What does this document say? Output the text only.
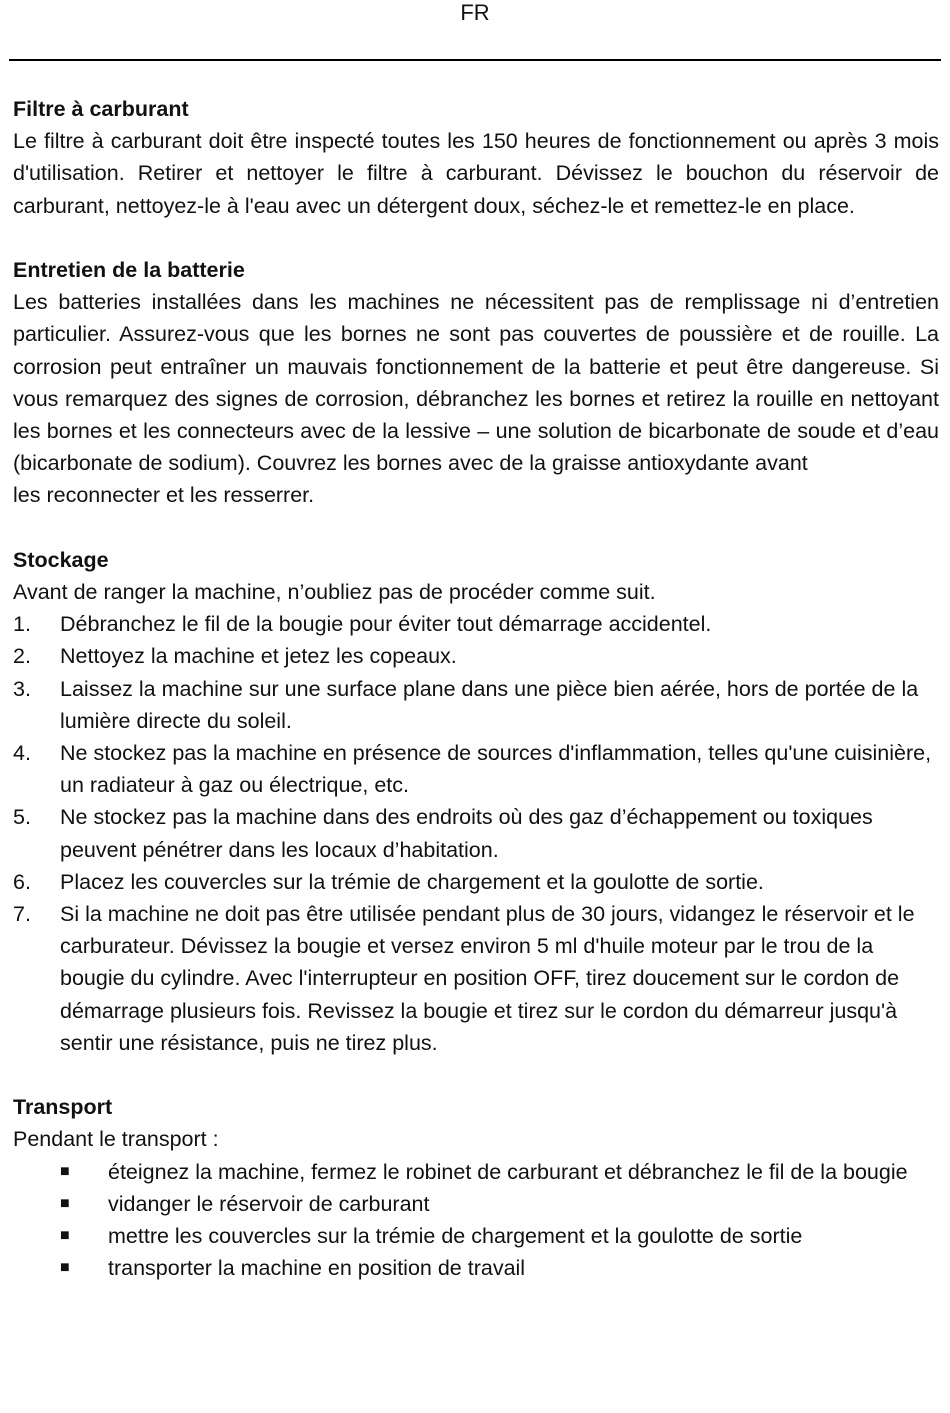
FR

Filtre à carburant

Le filtre à carburant doit être inspecté toutes les 150 heures de fonctionnement ou après 3 mois d'utilisation. Retirer et nettoyer le filtre à carburant. Dévissez le bouchon du réservoir de carburant, nettoyez-le à l'eau avec un détergent doux, séchez-le et remettez-le en place.

Entretien de la batterie

Les batteries installées dans les machines ne nécessitent pas de remplissage ni d’entretien particulier. Assurez-vous que les bornes ne sont pas couvertes de poussière et de rouille. La corrosion peut entraîner un mauvais fonctionnement de la batterie et peut être dangereuse. Si vous remarquez des signes de corrosion, débranchez les bornes et retirez la rouille en nettoyant les bornes et les connecteurs avec de la lessive – une solution de bicarbonate de soude et d’eau (bicarbonate de sodium). Couvrez les bornes avec de la graisse antioxydante avant

les reconnecter et les resserrer.

Stockage

Avant de ranger la machine, n’oubliez pas de procéder comme suit.

1.	Débranchez le fil de la bougie pour éviter tout démarrage accidentel.
2.	Nettoyez la machine et jetez les copeaux.
3.	Laissez la machine sur une surface plane dans une pièce bien aérée, hors de portée de la lumière directe du soleil.
4.	Ne stockez pas la machine en présence de sources d'inflammation, telles qu'une cuisinière, un radiateur à gaz ou électrique, etc.
5.	Ne stockez pas la machine dans des endroits où des gaz d’échappement ou toxiques peuvent pénétrer dans les locaux d’habitation.
6.	Placez les couvercles sur la trémie de chargement et la goulotte de sortie.
7.	Si la machine ne doit pas être utilisée pendant plus de 30 jours, vidangez le réservoir et le carburateur. Dévissez la bougie et versez environ 5 ml d'huile moteur par le trou de la bougie du cylindre. Avec l'interrupteur en position OFF, tirez doucement sur le cordon de démarrage plusieurs fois. Revissez la bougie et tirez sur le cordon du démarreur jusqu'à sentir une résistance, puis ne tirez plus.

Transport

Pendant le transport :

■	éteignez la machine, fermez le robinet de carburant et débranchez le fil de la bougie
■	vidanger le réservoir de carburant
■	mettre les couvercles sur la trémie de chargement et la goulotte de sortie
■	transporter la machine en position de travail
